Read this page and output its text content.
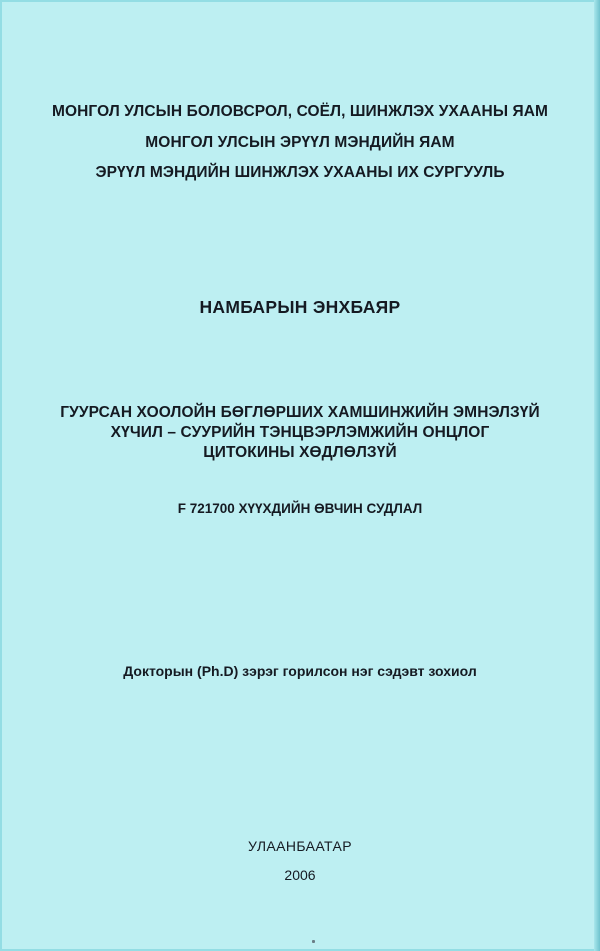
МОНГОЛ УЛСЫН БОЛОВСРОЛ, СОЁЛ, ШИНЖЛЭХ УХААНЫ ЯАМ
МОНГОЛ УЛСЫН ЭРҮҮЛ МЭНДИЙН ЯАМ
ЭРҮҮЛ МЭНДИЙН ШИНЖЛЭХ УХААНЫ ИХ СУРГУУЛЬ
НАМБАРЫН ЭНХБАЯР
ГУУРСАН ХООЛОЙН БӨГЛӨРШИХ ХАМШИНЖИЙН ЭМНЭЛЗҮЙ
ХҮЧИЛ – СУУРИЙН ТЭНЦВЭРЛЭМЖИЙН ОНЦЛОГ
ЦИТОКИНЫ ХӨДЛӨЛЗҮЙ
F 721700 ХҮҮХДИЙН ӨВЧИН СУДЛАЛ
Докторын (Ph.D) зэрэг горилсон нэг сэдэвт зохиол
УЛААНБААТАР
2006
